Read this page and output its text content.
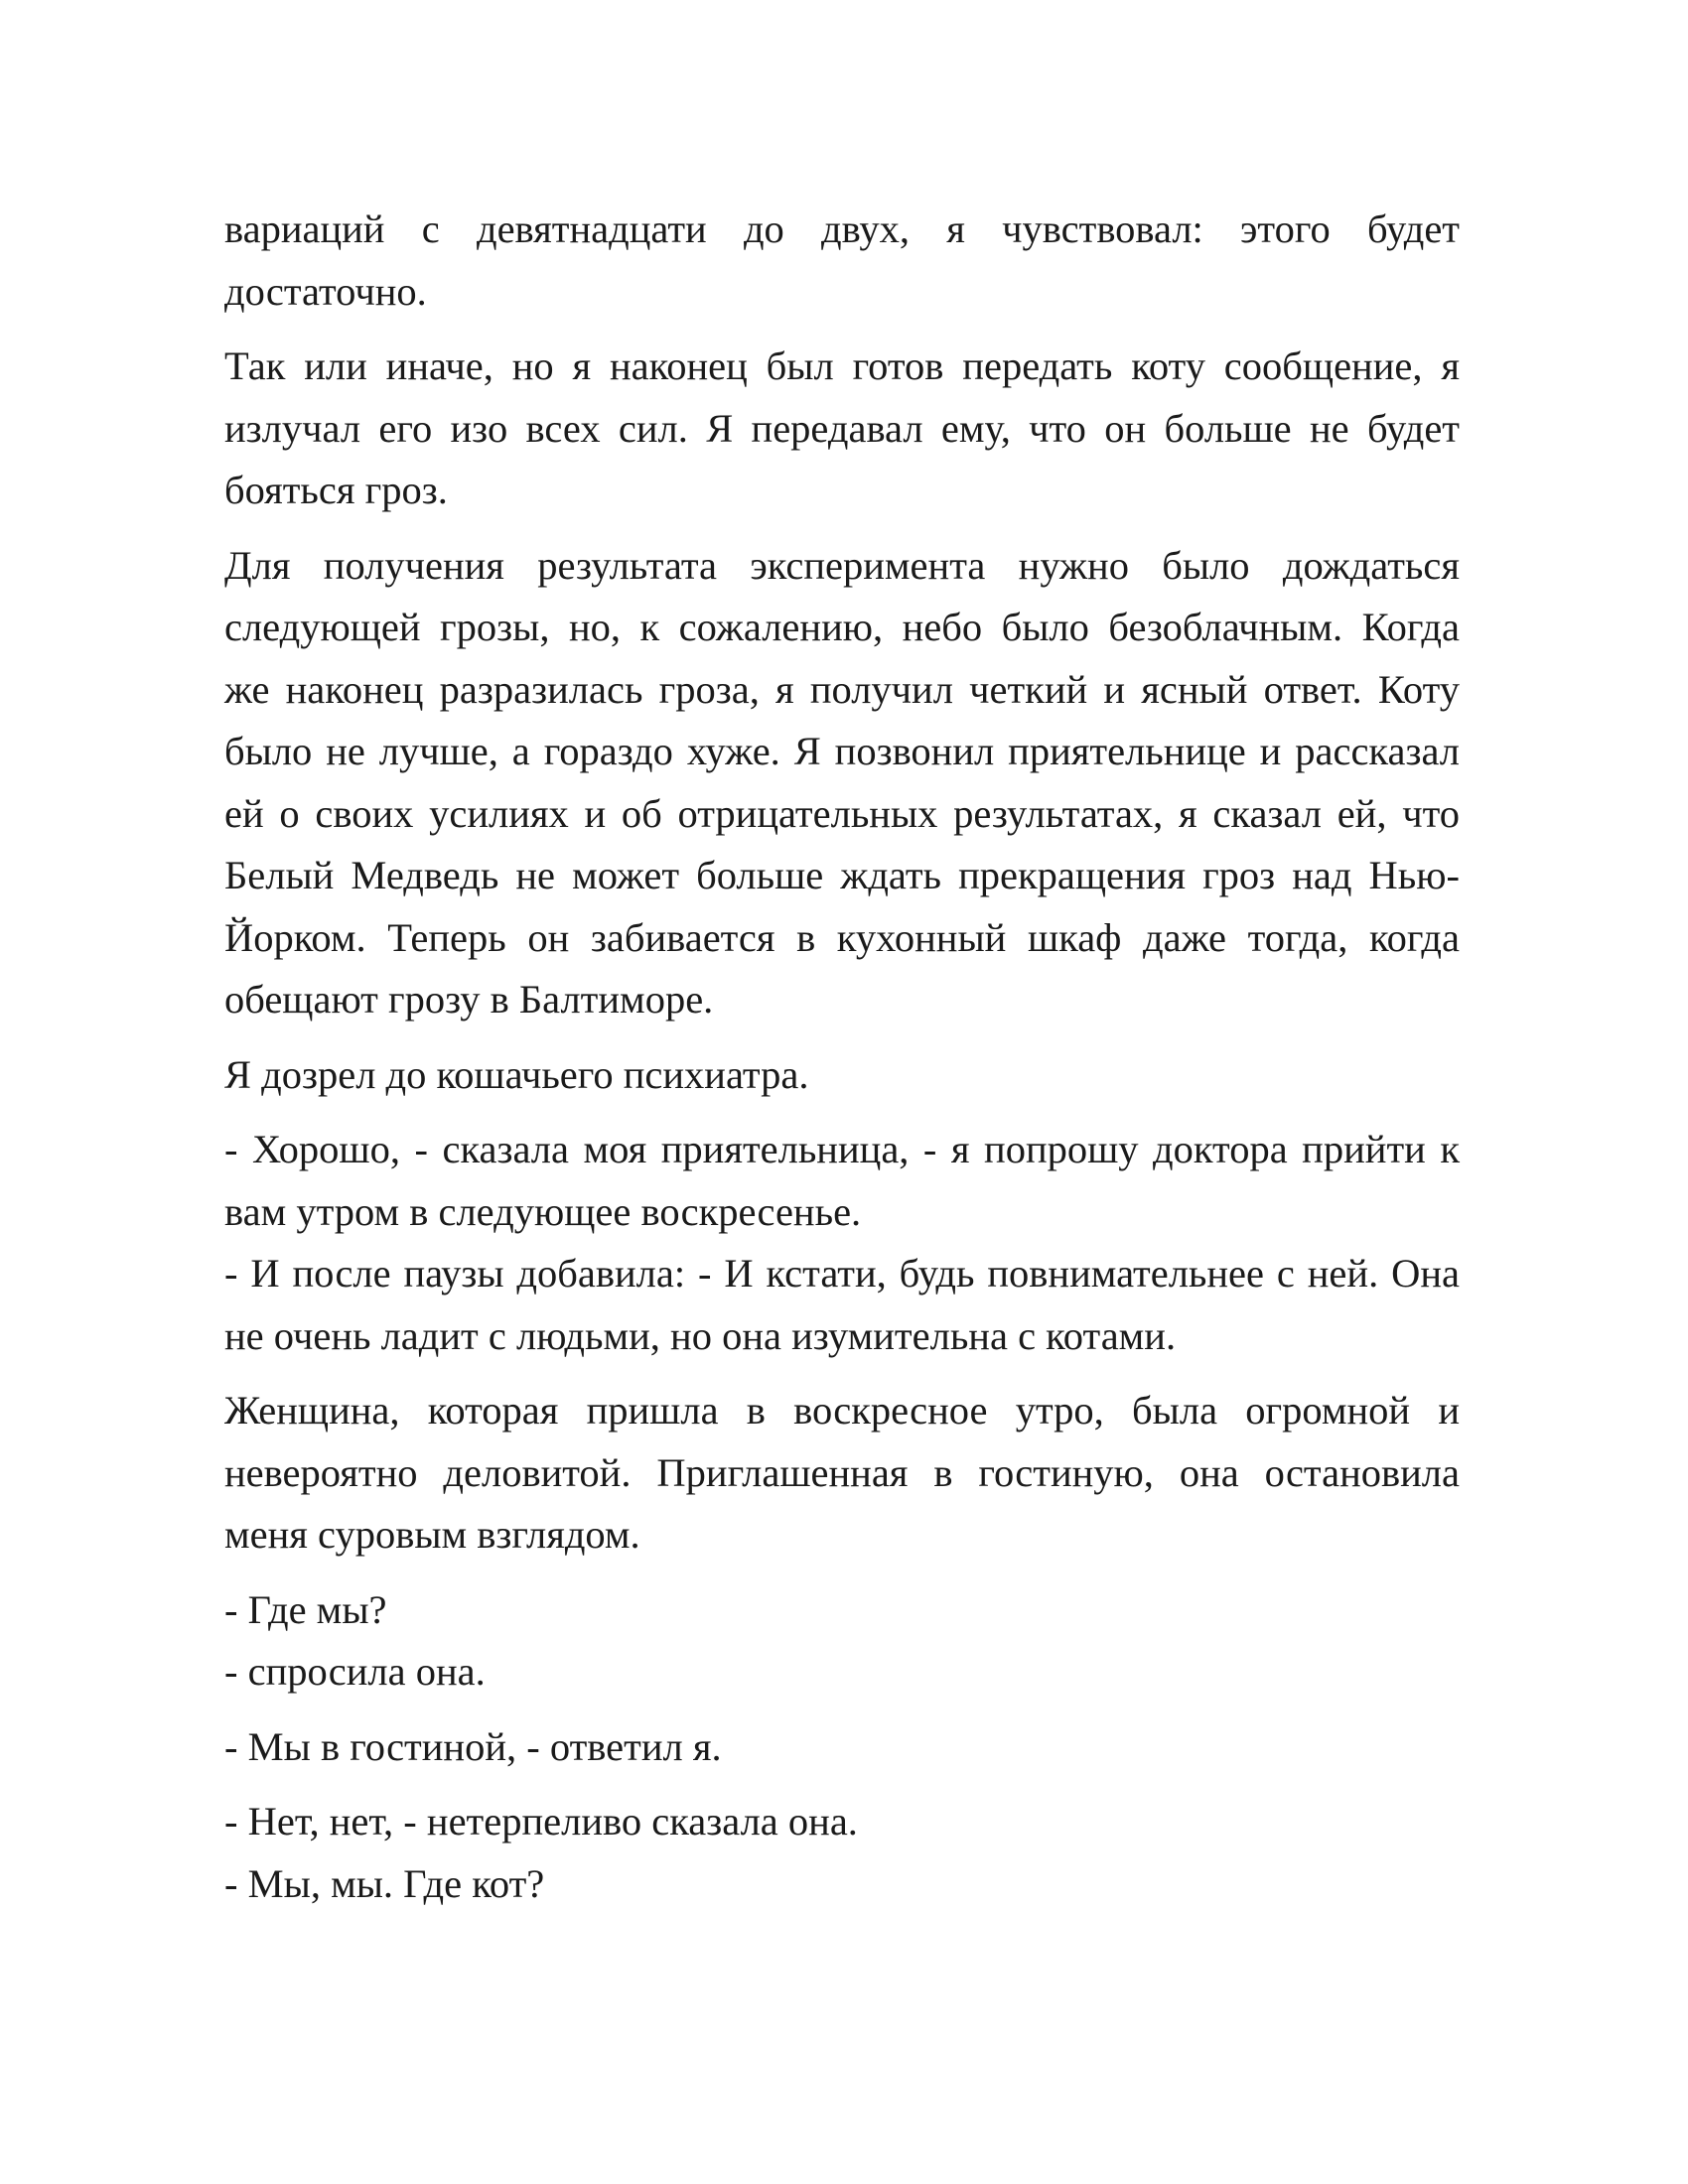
вариаций с девятнадцати до двух, я чувствовал: этого будет
достаточно.

Так или иначе, но я наконец был готов передать коту сообщение, я
излучал его изо всех сил. Я передавал ему, что он больше не будет
бояться гроз.

Для получения результата эксперимента нужно было дождаться
следующей грозы, но, к сожалению, небо было безоблачным. Когда
же наконец разразилась гроза, я получил четкий и ясный ответ. Коту
было не лучше, а гораздо хуже. Я позвонил приятельнице и рассказал
ей о своих усилиях и об отрицательных результатах, я сказал ей, что
Белый Медведь не может больше ждать прекращения гроз над Нью-
Йорком. Теперь он забивается в кухонный шкаф даже тогда, когда
обещают грозу в Балтиморе.

Я дозрел до кошачьего психиатра.

- Хорошо, - сказала моя приятельница, - я попрошу доктора прийти к
вам утром в следующее воскресенье.

- И после паузы добавила: - И кстати, будь повнимательнее с ней. Она
не очень ладит с людьми, но она изумительна с котами.

Женщина, которая пришла в воскресное утро, была огромной и
невероятно деловитой. Приглашенная в гостиную, она остановила
меня суровым взглядом.

- Где мы?

- спросила она.

- Мы в гостиной, - ответил я.

- Нет, нет, - нетерпеливо сказала она.

- Мы, мы. Где кот?
